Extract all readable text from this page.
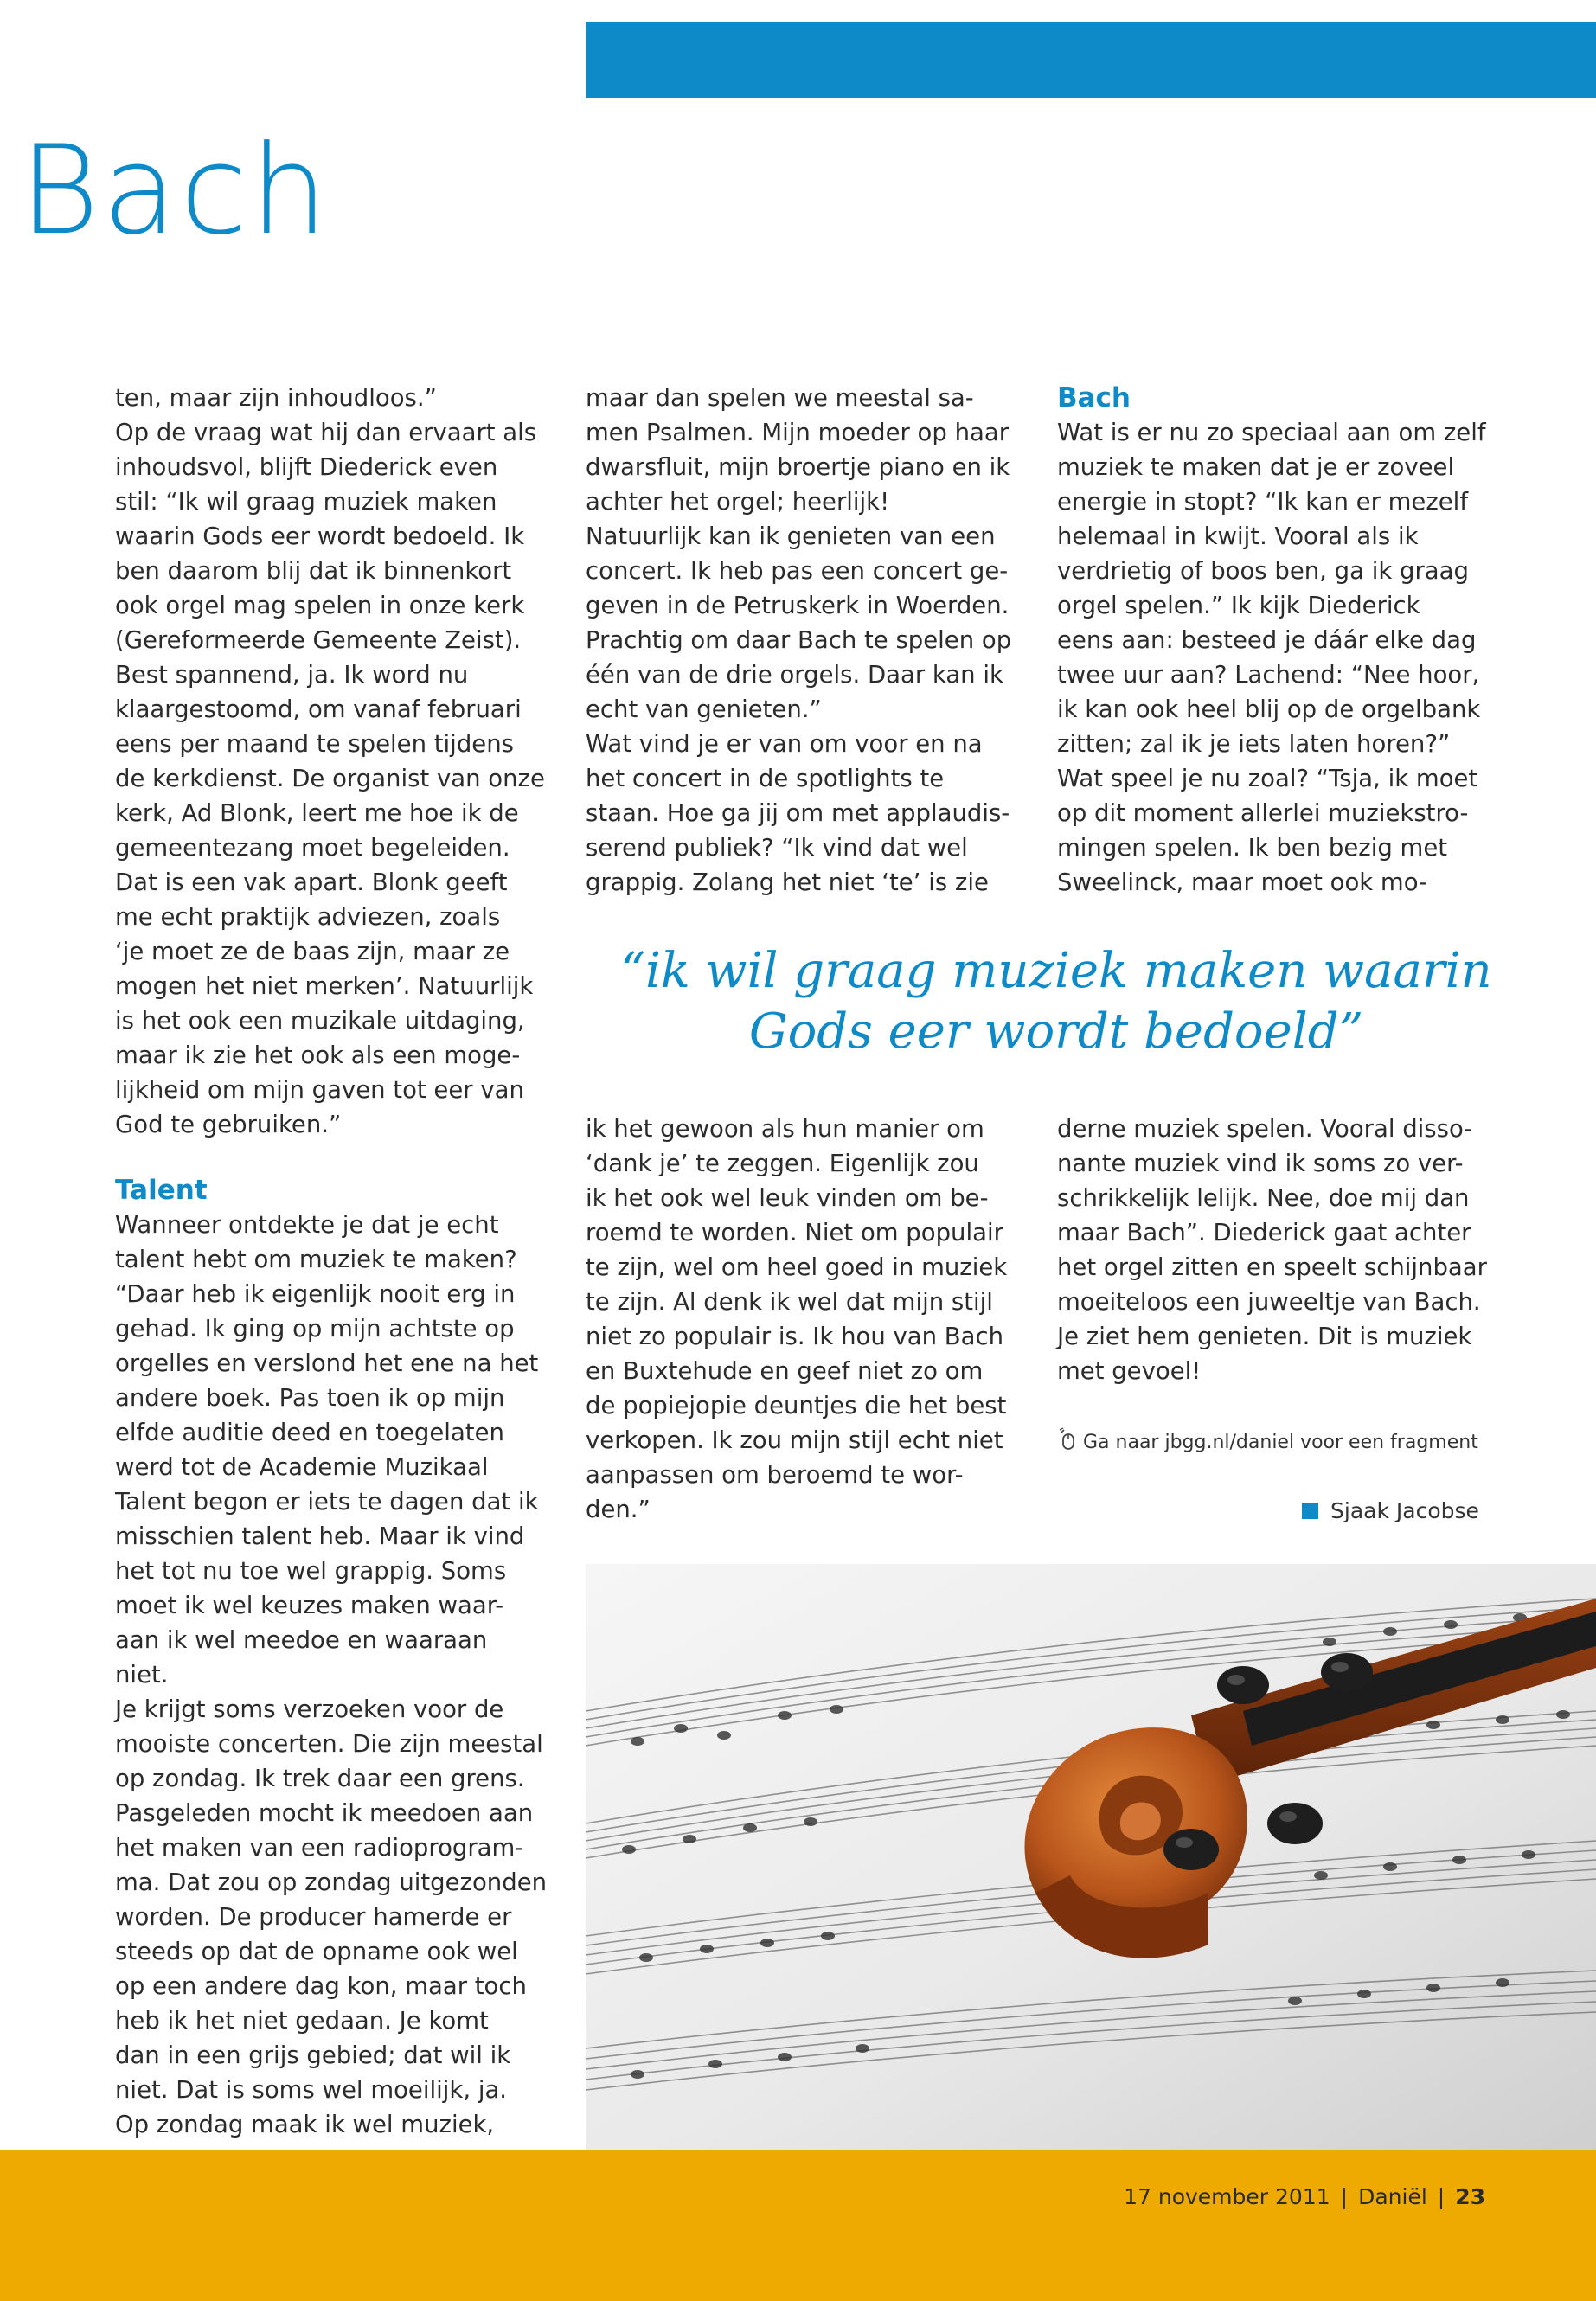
Bach

ten, maar zijn inhoudloos.”

Op de vraag wat hij dan ervaart als

inhoudsvol, blijft Diederick even

stil: “Ik wil graag muziek maken

waarin Gods eer wordt bedoeld. Ik

ben daarom blij dat ik binnenkort

ook orgel mag spelen in onze kerk

(Gereformeerde Gemeente Zeist).

Best spannend, ja. Ik word nu

klaargestoomd, om vanaf februari

eens per maand te spelen tijdens

de kerkdienst. De organist van onze

kerk, Ad Blonk, leert me hoe ik de

gemeentezang moet begeleiden.

Dat is een vak apart. Blonk geeft

me echt praktijk adviezen, zoals

‘je moet ze de baas zijn, maar ze

mogen het niet merken’. Natuurlijk

is het ook een muzikale uitdaging,

maar ik zie het ook als een moge-

lijkheid om mijn gaven tot eer van

God te gebruiken.”

Talent

Wanneer ontdekte je dat je echt

talent hebt om muziek te maken?

“Daar heb ik eigenlijk nooit erg in

gehad. Ik ging op mijn achtste op

orgelles en verslond het ene na het

andere boek. Pas toen ik op mijn

elfde auditie deed en toegelaten

werd tot de Academie Muzikaal

Talent begon er iets te dagen dat ik

misschien talent heb. Maar ik vind

het tot nu toe wel grappig. Soms

moet ik wel keuzes maken waar-

aan ik wel meedoe en waaraan niet.

Je krijgt soms verzoeken voor de

mooiste concerten. Die zijn meestal

op zondag. Ik trek daar een grens.

Pasgeleden mocht ik meedoen aan

het maken van een radioprogram-

ma. Dat zou op zondag uitgezonden

worden. De producer hamerde er

steeds op dat de opname ook wel

op een andere dag kon, maar toch

heb ik het niet gedaan. Je komt

dan in een grijs gebied; dat wil ik

niet. Dat is soms wel moeilijk, ja.

Op zondag maak ik wel muziek,

maar dan spelen we meestal sa-

men Psalmen. Mijn moeder op haar

dwarsfluit, mijn broertje piano en ik

achter het orgel; heerlijk!

Natuurlijk kan ik genieten van een

concert. Ik heb pas een concert ge-

geven in de Petruskerk in Woerden.

Prachtig om daar Bach te spelen op

één van de drie orgels. Daar kan ik

echt van genieten.”

Wat vind je er van om voor en na

het concert in de spotlights te

staan. Hoe ga jij om met applaudis-

serend publiek? “Ik vind dat wel

grappig. Zolang het niet ‘te’ is zie

Bach

Wat is er nu zo speciaal aan om zelf

muziek te maken dat je er zoveel

energie in stopt? “Ik kan er mezelf

helemaal in kwijt. Vooral als ik

verdrietig of boos ben, ga ik graag

orgel spelen.” Ik kijk Diederick

eens aan: besteed je dáár elke dag

twee uur aan? Lachend: “Nee hoor,

ik kan ook heel blij op de orgelbank

zitten; zal ik je iets laten horen?”

Wat speel je nu zoal? “Tsja, ik moet

op dit moment allerlei muziekstro-

mingen spelen. Ik ben bezig met

Sweelinck, maar moet ook mo-

“ik wil graag muziek maken waarin
Gods eer wordt bedoeld”

ik het gewoon als hun manier om

‘dank je’ te zeggen. Eigenlijk zou

ik het ook wel leuk vinden om be-

roemd te worden. Niet om populair

te zijn, wel om heel goed in muziek

te zijn. Al denk ik wel dat mijn stijl

niet zo populair is. Ik hou van Bach

en Buxtehude en geef niet zo om

de popiejopie deuntjes die het best

verkopen. Ik zou mijn stijl echt niet

aanpassen om beroemd te wor-

den.”

derne muziek spelen. Vooral disso-

nante muziek vind ik soms zo ver-

schrikkelijk lelijk. Nee, doe mij dan

maar Bach”. Diederick gaat achter

het orgel zitten en speelt schijnbaar

moeiteloos een juweeltje van Bach.

Je ziet hem genieten. Dit is muziek

met gevoel!

Ga naar jbgg.nl/daniel voor een fragment
Sjaak Jacobse
17 november 2011 | Daniël | 23
